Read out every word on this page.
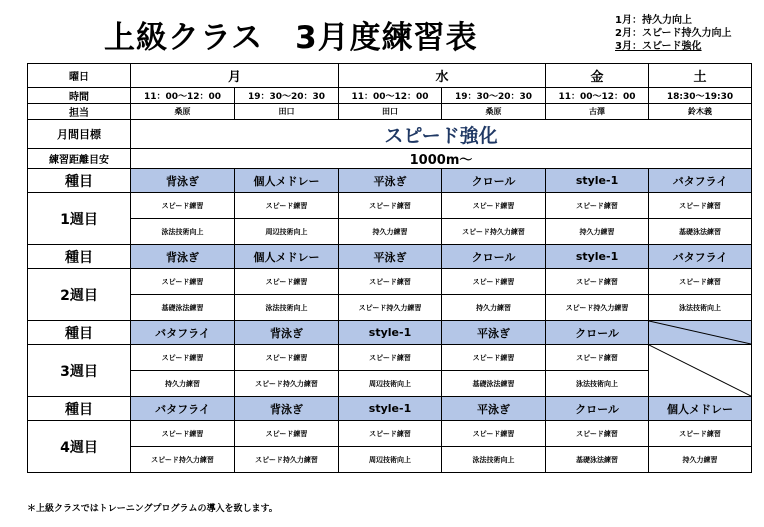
上級クラス　3月度練習表	1月：持久力向上
2月：スピード持久力向上
3月：スピード強化
曜日	月		水		金	土
時間	11：00～12：00	19：30～20：30	11：00～12：00	19：30～20：30	11：00～12：00	18:30～19:30
担当	桑原	田口	田口	桑原	古澤	鈴木義
月間目標	スピード強化					
練習距離目安	1000m～					
種目	背泳ぎ	個人メドレー	平泳ぎ	クロール	style-1	バタフライ
1週目	スピード練習	スピード練習	スピード練習	スピード練習	スピード練習	スピード練習
	泳法技術向上	周辺技術向上	持久力練習	スピード持久力練習	持久力練習	基礎泳法練習
種目	背泳ぎ	個人メドレー	平泳ぎ	クロール	style-1	バタフライ
2週目	スピード練習	スピード練習	スピード練習	スピード練習	スピード練習	スピード練習
	基礎泳法練習	泳法技術向上	スピード持久力練習	持久力練習	スピード持久力練習	泳法技術向上
種目	バタフライ	背泳ぎ	style-1	平泳ぎ	クロール	

3週目	スピード練習	スピード練習	スピード練習	スピード練習	スピード練習	

	持久力練習	スピード持久力練習	周辺技術向上	基礎泳法練習	泳法技術向上	
種目	バタフライ	背泳ぎ	style-1	平泳ぎ	クロール	個人メドレー
4週目	スピード練習	スピード練習	スピード練習	スピード練習	スピード練習	スピード練習
	スピード持久力練習	スピード持久力練習	周辺技術向上	泳法技術向上	基礎泳法練習	持久力練習
＊上級クラスではトレーニングプログラムの導入を致します。
